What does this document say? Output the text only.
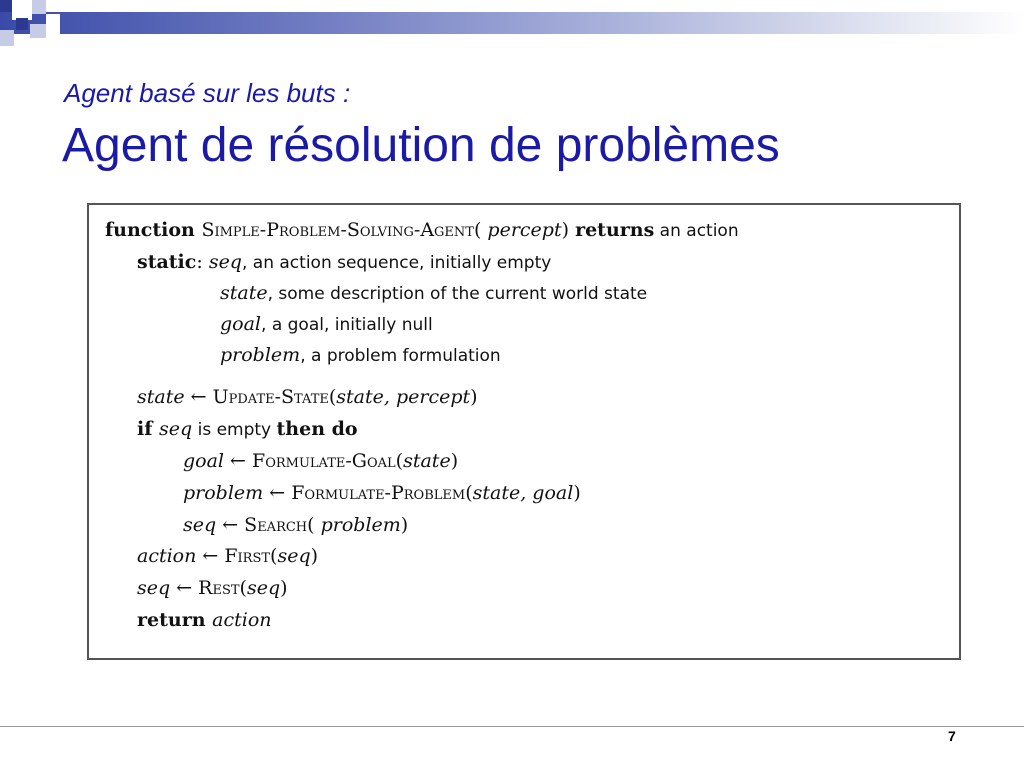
Agent basé sur les buts :
Agent de résolution de problèmes
function Simple-Problem-Solving-Agent( percept) returns an action
static: seq, an action sequence, initially empty
state, some description of the current world state
goal, a goal, initially null
problem, a problem formulation
state ← Update-State(state, percept)
if seq is empty then do
goal ← Formulate-Goal(state)
problem ← Formulate-Problem(state, goal)
seq ← Search( problem)
action ← First(seq)
seq ← Rest(seq)
return action
7
